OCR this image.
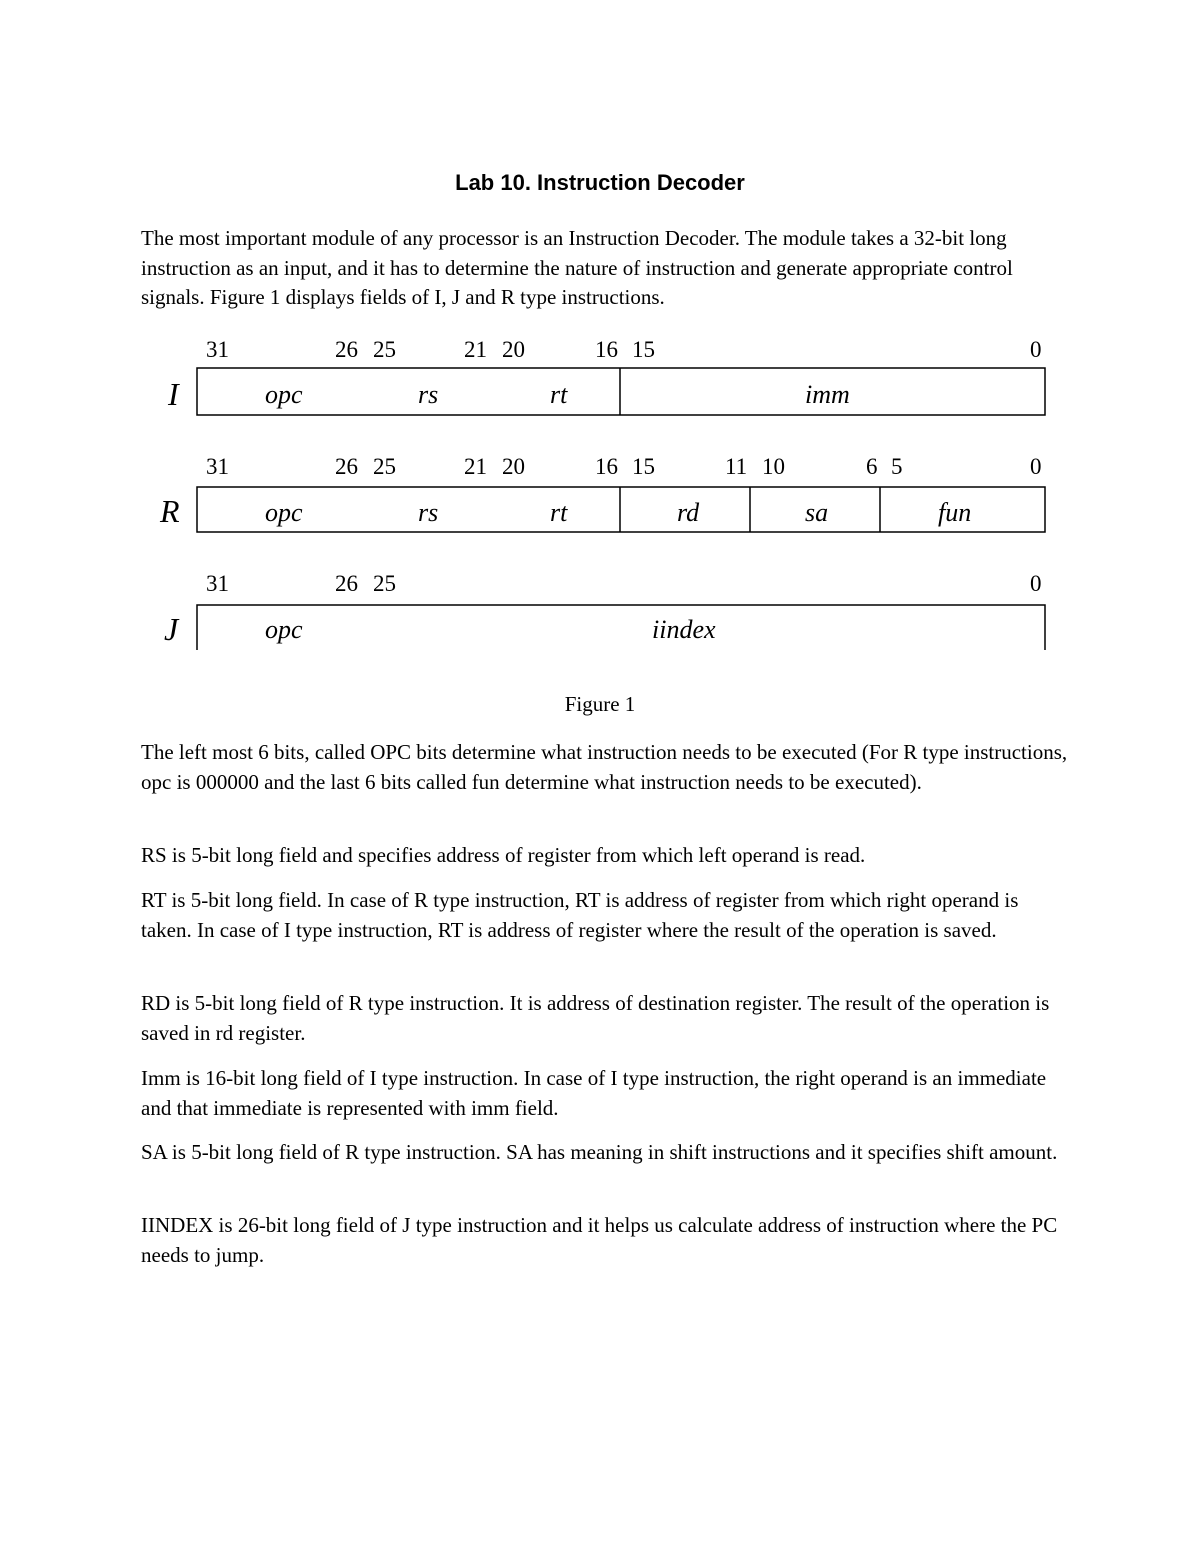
Lab 10. Instruction Decoder
The most important module of any processor is an Instruction Decoder. The module takes a 32-bit long instruction as an input, and it has to determine the nature of instruction and generate appropriate control signals. Figure 1 displays fields of I, J and R type instructions.
31	26 25	21 20	16 15	0
I	opc	rs	rt	imm
31	26 25	21 20	16 15	11 10	6 5	0
R	opc	rs	rt	rd	sa	fun
31	26 25	0
J	opc	iindex
Figure 1
The left most 6 bits, called OPC bits determine what instruction needs to be executed (For R type instructions, opc is 000000 and the last 6 bits called fun determine what instruction needs to be executed).
RS is 5-bit long field and specifies address of register from which left operand is read.
RT is 5-bit long field. In case of R type instruction, RT is address of register from which right operand is taken. In case of I type instruction, RT is address of register where the result of the operation is saved.
RD is 5-bit long field of R type instruction. It is address of destination register. The result of the operation is saved in rd register.
Imm is 16-bit long field of I type instruction. In case of I type instruction, the right operand is an immediate and that immediate is represented with imm field.
SA is 5-bit long field of R type instruction. SA has meaning in shift instructions and it specifies shift amount.
IINDEX is 26-bit long field of J type instruction and it helps us calculate address of instruction where the PC needs to jump.
